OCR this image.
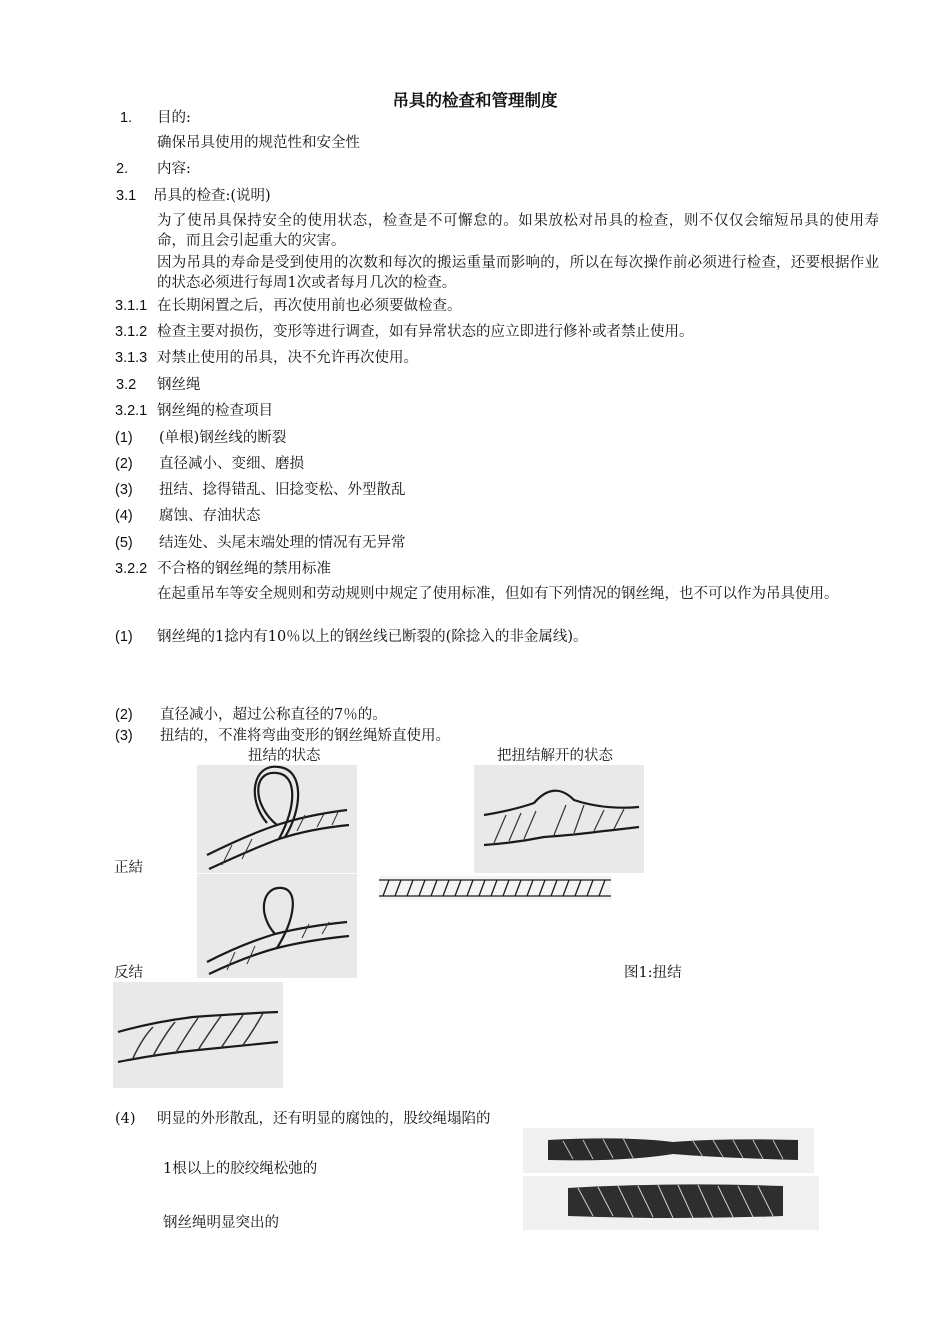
吊具的检查和管理制度
1. 目的:
确保吊具使用的规范性和安全性
2. 内容:
3.1 吊具的检查:(说明)
为了使吊具保持安全的使用状态，检查是不可懈怠的。如果放松对吊具的检查，则不仅仅会缩短吊具的使用寿命，而且会引起重大的灾害。
因为吊具的寿命是受到使用的次数和每次的搬运重量而影响的，所以在每次操作前必须进行检查，还要根据作业的状态必须进行每周1次或者每月几次的检查。
3.1.1 在长期闲置之后，再次使用前也必须要做检查。
3.1.2 检查主要对损伤，变形等进行调查，如有异常状态的应立即进行修补或者禁止使用。
3.1.3 对禁止使用的吊具，决不允许再次使用。
3.2 钢丝绳
3.2.1 钢丝绳的检查项目
(1) (单根)钢丝线的断裂
(2) 直径减小、变细、磨损
(3) 扭结、捻得错乱、旧捻变松、外型散乱
(4) 腐蚀、存油状态
(5) 结连处、头尾末端处理的情况有无异常
3.2.2 不合格的钢丝绳的禁用标准
在起重吊车等安全规则和劳动规则中规定了使用标准，但如有下列情况的钢丝绳，也不可以作为吊具使用。
(1) 钢丝绳的1捻内有10％以上的钢丝线已断裂的(除捻入的非金属线)。
(2) 直径减小，超过公称直径的7％的。
(3) 扭结的，不准将弯曲变形的钢丝绳矫直使用。
扭结的状态	把扭结解开的状态
正結
反结	图1:扭结
(4) 明显的外形散乱，还有明显的腐蚀的，股绞绳塌陷的
1根以上的胶绞绳松弛的
钢丝绳明显突出的
